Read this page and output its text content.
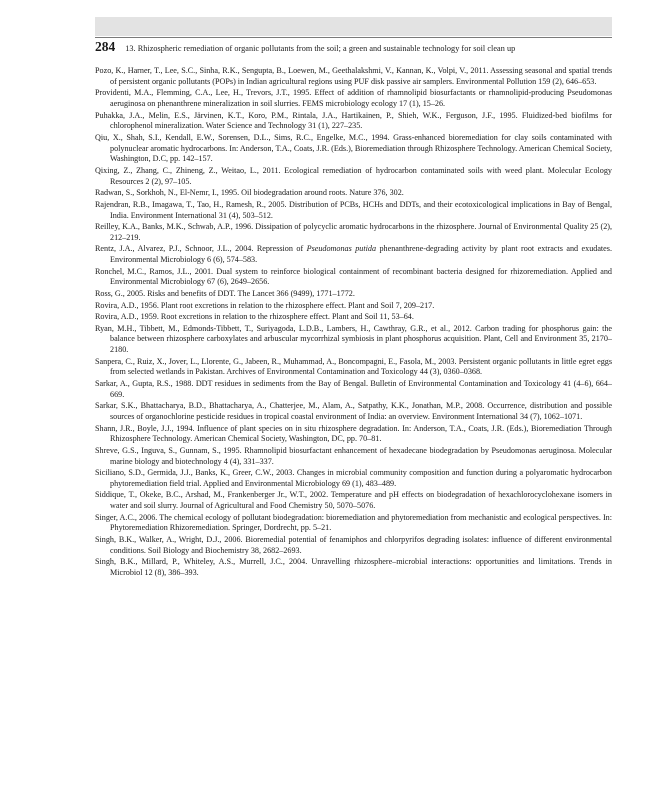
284 13. Rhizospheric remediation of organic pollutants from the soil; a green and sustainable technology for soil clean up
Pozo, K., Harner, T., Lee, S.C., Sinha, R.K., Sengupta, B., Loewen, M., Geethalakshmi, V., Kannan, K., Volpi, V., 2011. Assessing seasonal and spatial trends of persistent organic pollutants (POPs) in Indian agricultural regions using PUF disk passive air samplers. Environmental Pollution 159 (2), 646–653.
Providenti, M.A., Flemming, C.A., Lee, H., Trevors, J.T., 1995. Effect of addition of rhamnolipid biosurfactants or rhamnolipid-producing Pseudomonas aeruginosa on phenanthrene mineralization in soil slurries. FEMS microbiology ecology 17 (1), 15–26.
Puhakka, J.A., Melin, E.S., Järvinen, K.T., Koro, P.M., Rintala, J.A., Hartikainen, P., Shieh, W.K., Ferguson, J.F., 1995. Fluidized-bed biofilms for chlorophenol mineralization. Water Science and Technology 31 (1), 227–235.
Qiu, X., Shah, S.I., Kendall, E.W., Sorensen, D.L., Sims, R.C., Engelke, M.C., 1994. Grass-enhanced bioremediation for clay soils contaminated with polynuclear aromatic hydrocarbons. In: Anderson, T.A., Coats, J.R. (Eds.), Bioremediation through Rhizosphere Technology. American Chemical Society, Washington, D.C, pp. 142–157.
Qixing, Z., Zhang, C., Zhineng, Z., Weitao, L., 2011. Ecological remediation of hydrocarbon contaminated soils with weed plant. Molecular Ecology Resources 2 (2), 97–105.
Radwan, S., Sorkhoh, N., El-Nemr, I., 1995. Oil biodegradation around roots. Nature 376, 302.
Rajendran, R.B., Imagawa, T., Tao, H., Ramesh, R., 2005. Distribution of PCBs, HCHs and DDTs, and their ecotoxicological implications in Bay of Bengal, India. Environment International 31 (4), 503–512.
Reilley, K.A., Banks, M.K., Schwab, A.P., 1996. Dissipation of polycyclic aromatic hydrocarbons in the rhizosphere. Journal of Environmental Quality 25 (2), 212–219.
Rentz, J.A., Alvarez, P.J., Schnoor, J.L., 2004. Repression of Pseudomonas putida phenanthrene-degrading activity by plant root extracts and exudates. Environmental Microbiology 6 (6), 574–583.
Ronchel, M.C., Ramos, J.L., 2001. Dual system to reinforce biological containment of recombinant bacteria designed for rhizoremediation. Applied and Environmental Microbiology 67 (6), 2649–2656.
Ross, G., 2005. Risks and benefits of DDT. The Lancet 366 (9499), 1771–1772.
Rovira, A.D., 1956. Plant root excretions in relation to the rhizosphere effect. Plant and Soil 7, 209–217.
Rovira, A.D., 1959. Root excretions in relation to the rhizosphere effect. Plant and Soil 11, 53–64.
Ryan, M.H., Tibbett, M., Edmonds-Tibbett, T., Suriyagoda, L.D.B., Lambers, H., Cawthray, G.R., et al., 2012. Carbon trading for phosphorus gain: the balance between rhizosphere carboxylates and arbuscular mycorrhizal symbiosis in plant phosphorus acquisition. Plant, Cell and Environment 35, 2170–2180.
Sanpera, C., Ruiz, X., Jover, L., Llorente, G., Jabeen, R., Muhammad, A., Boncompagni, E., Fasola, M., 2003. Persistent organic pollutants in little egret eggs from selected wetlands in Pakistan. Archives of Environmental Contamination and Toxicology 44 (3), 0360–0368.
Sarkar, A., Gupta, R.S., 1988. DDT residues in sediments from the Bay of Bengal. Bulletin of Environmental Contamination and Toxicology 41 (4–6), 664–669.
Sarkar, S.K., Bhattacharya, B.D., Bhattacharya, A., Chatterjee, M., Alam, A., Satpathy, K.K., Jonathan, M.P., 2008. Occurrence, distribution and possible sources of organochlorine pesticide residues in tropical coastal environment of India: an overview. Environment International 34 (7), 1062–1071.
Shann, J.R., Boyle, J.J., 1994. Influence of plant species on in situ rhizosphere degradation. In: Anderson, T.A., Coats, J.R. (Eds.), Bioremediation Through Rhizosphere Technology. American Chemical Society, Washington, DC, pp. 70–81.
Shreve, G.S., Inguva, S., Gunnam, S., 1995. Rhamnolipid biosurfactant enhancement of hexadecane biodegradation by Pseudomonas aeruginosa. Molecular marine biology and biotechnology 4 (4), 331–337.
Siciliano, S.D., Germida, J.J., Banks, K., Greer, C.W., 2003. Changes in microbial community composition and function during a polyaromatic hydrocarbon phytoremediation field trial. Applied and Environmental Microbiology 69 (1), 483–489.
Siddique, T., Okeke, B.C., Arshad, M., Frankenberger Jr., W.T., 2002. Temperature and pH effects on biodegradation of hexachlorocyclohexane isomers in water and soil slurry. Journal of Agricultural and Food Chemistry 50, 5070–5076.
Singer, A.C., 2006. The chemical ecology of pollutant biodegradation: bioremediation and phytoremediation from mechanistic and ecological perspectives. In: Phytoremediation Rhizoremediation. Springer, Dordrecht, pp. 5–21.
Singh, B.K., Walker, A., Wright, D.J., 2006. Bioremedial potential of fenamiphos and chlorpyrifos degrading isolates: influence of different environmental conditions. Soil Biology and Biochemistry 38, 2682–2693.
Singh, B.K., Millard, P., Whiteley, A.S., Murrell, J.C., 2004. Unravelling rhizosphere–microbial interactions: opportunities and limitations. Trends in Microbiol 12 (8), 386–393.
